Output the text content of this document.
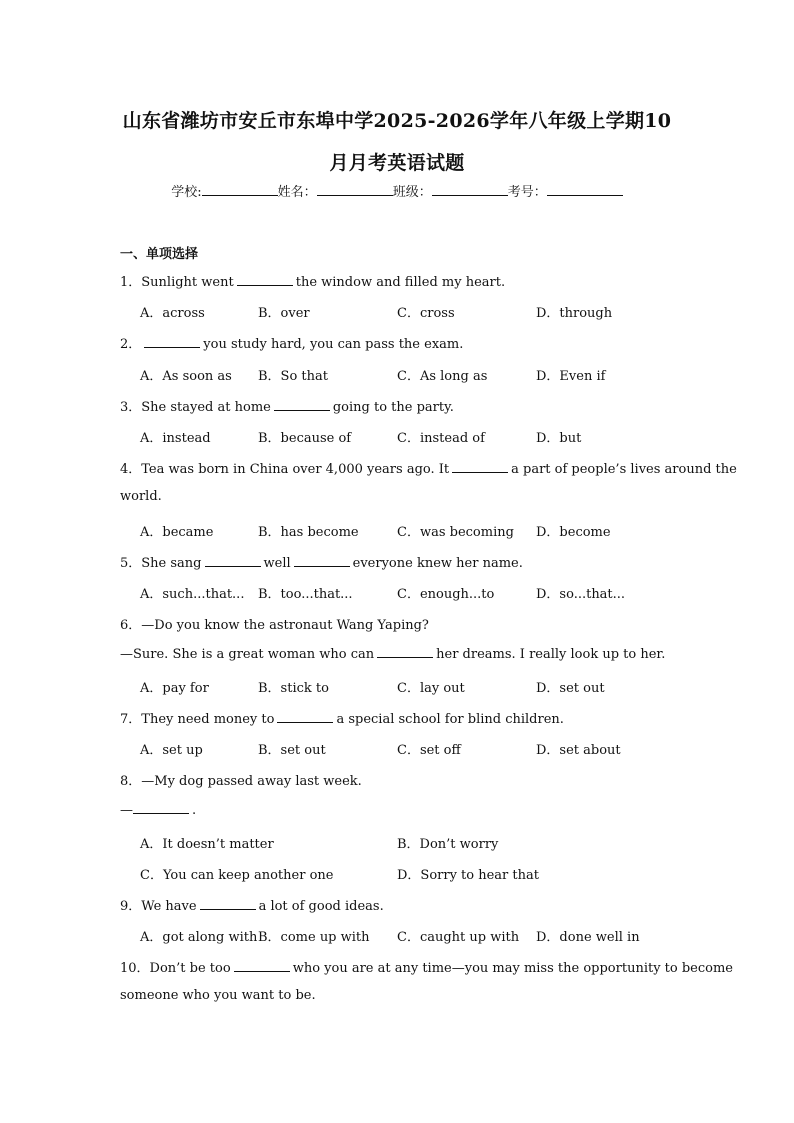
山东省潍坊市安丘市东埠中学2025-2026学年八年级上学期10
月月考英语试题
学校:	姓名：	班级：	考号：
一、单项选择
1．Sunlight went	the window and filled my heart.
A．across	B．over	C．cross	D．through
2．	you study hard, you can pass the exam.
A．As soon as B．So that	C．As long as	D．Even if
3．She stayed at home	going to the party.
A．instead	B．because of	C．instead of	D．but
4．Tea was born in China over 4,000 years ago. It	a part of people’s lives around the
world.
A．became	B．has become	C．was becoming D．become
5．She sang	well	everyone knew her name.
A．such...that... B．too...that...	C．enough...to	D．so...that...
6．—Do you know the astronaut Wang Yaping?
—Sure. She is a great woman who can	her dreams. I really look up to her.
A．pay for	B．stick to	C．lay out	D．set out
7．They need money to	a special school for blind children.
A．set up	B．set out	C．set off	D．set about
8．—My dog passed away last week.
—	.
A．It doesn’t matter	B．Don’t worry
C．You can keep another one	D．Sorry to hear that
9．We have	a lot of good ideas.
A．got along with B．come up with C．caught up with D．done well in
10．Don’t be too	who you are at any time—you may miss the opportunity to become
someone who you want to be.
